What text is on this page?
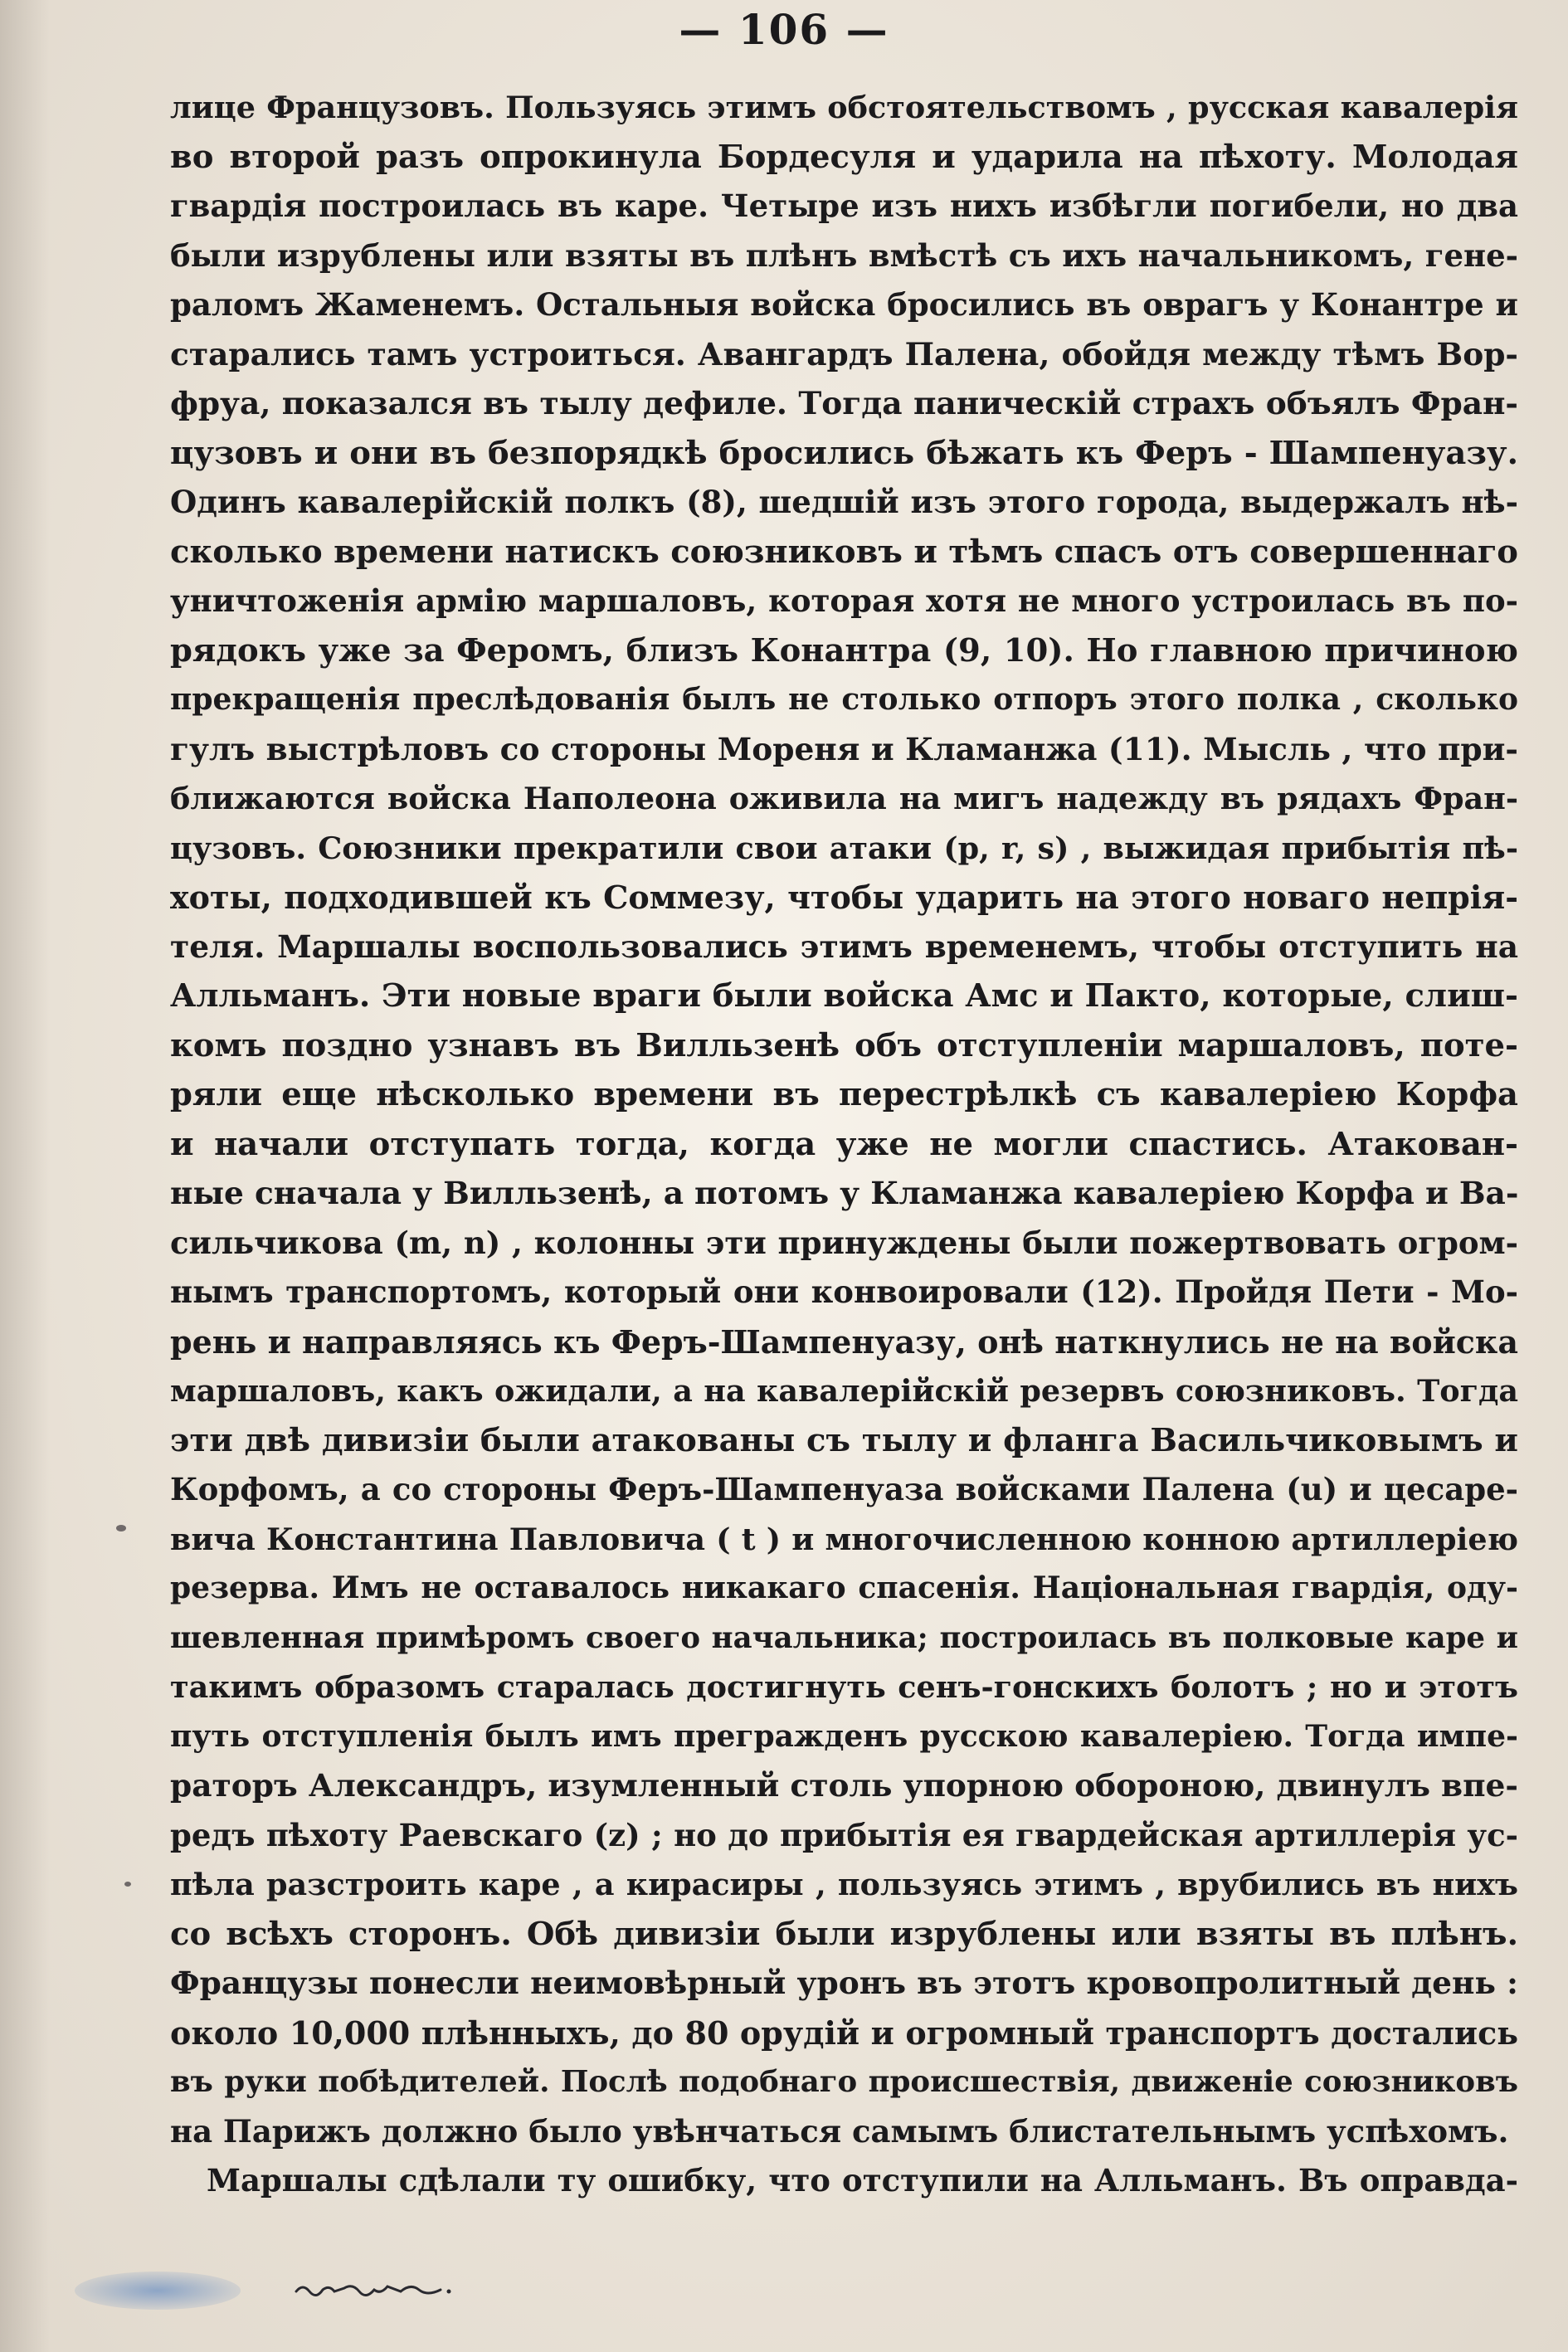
— 106 —
лице Французовъ. Пользуясь этимъ обстоятельствомъ , русская кавалерія
во второй разъ опрокинула Бордесуля и ударила на пѣхоту. Молодая
гвардія построилась въ каре. Четыре изъ нихъ избѣгли погибели, но два
были изрублены или взяты въ плѣнъ вмѣстѣ съ ихъ начальникомъ, гене-
раломъ Жаменемъ. Остальныя войска бросились въ оврагъ у Конантре и
старались тамъ устроиться. Авангардъ Палена, обойдя между тѣмъ Вор-
фруа, показался въ тылу дефиле. Тогда паническій страхъ объялъ Фран-
цузовъ и они въ безпорядкѣ бросились бѣжать къ Феръ - Шампенуазу.
Одинъ кавалерійскій полкъ (8), шедшій изъ этого города, выдержалъ нѣ-
сколько времени натискъ союзниковъ и тѣмъ спасъ отъ совершеннаго
уничтоженія армію маршаловъ, которая хотя не много устроилась въ по-
рядокъ уже за Феромъ, близъ Конантра (9, 10). Но главною причиною
прекращенія преслѣдованія былъ не столько отпоръ этого полка , сколько
гулъ выстрѣловъ со стороны Мореня и Кламанжа (11). Мысль , что при-
ближаются войска Наполеона оживила на мигъ надежду въ рядахъ Фран-
цузовъ. Союзники прекратили свои атаки (p, r, s) , выжидая прибытія пѣ-
хоты, подходившей къ Соммезу, чтобы ударить на этого новаго непрія-
теля. Маршалы воспользовались этимъ временемъ, чтобы отступить на
Алльманъ. Эти новые враги были войска Амс и Пакто, которые, слиш-
комъ поздно узнавъ въ Вилльзенѣ объ отступленіи маршаловъ, поте-
ряли еще нѣсколько времени въ перестрѣлкѣ съ кавалеріею Корфа
и начали отступать тогда, когда уже не могли спастись. Атакован-
ные сначала у Вилльзенѣ, а потомъ у Кламанжа кавалеріею Корфа и Ва-
сильчикова (m, n) , колонны эти принуждены были пожертвовать огром-
нымъ транспортомъ, который они конвоировали (12). Пройдя Пети - Мо-
рень и направляясь къ Феръ-Шампенуазу, онѣ наткнулись не на войска
маршаловъ, какъ ожидали, а на кавалерійскій резервъ союзниковъ. Тогда
эти двѣ дивизіи были атакованы съ тылу и фланга Васильчиковымъ и
Корфомъ, а со стороны Феръ-Шампенуаза войсками Палена (u) и цесаре-
вича Константина Павловича ( t ) и многочисленною конною артиллеріею
резерва. Имъ не оставалось никакаго спасенія. Національная гвардія, оду-
шевленная примѣромъ своего начальника; построилась въ полковые каре и
такимъ образомъ старалась достигнуть сенъ-гонскихъ болотъ ; но и этотъ
путь отступленія былъ имъ прегражденъ русскою кавалеріею. Тогда импе-
раторъ Александръ, изумленный столь упорною обороною, двинулъ впе-
редъ пѣхоту Раевскаго (z) ; но до прибытія ея гвардейская артиллерія ус-
пѣла разстроить каре , а кирасиры , пользуясь этимъ , врубились въ нихъ
со всѣхъ сторонъ. Обѣ дивизіи были изрублены или взяты въ плѣнъ.
Французы понесли неимовѣрный уронъ въ этотъ кровопролитный день :
около 10,000 плѣнныхъ, до 80 орудій и огромный транспортъ достались
въ руки побѣдителей. Послѣ подобнаго происшествія, движеніе союзниковъ
на Парижъ должно было увѣнчаться самымъ блистательнымъ успѣхомъ.
Маршалы сдѣлали ту ошибку, что отступили на Алльманъ. Въ оправда-
